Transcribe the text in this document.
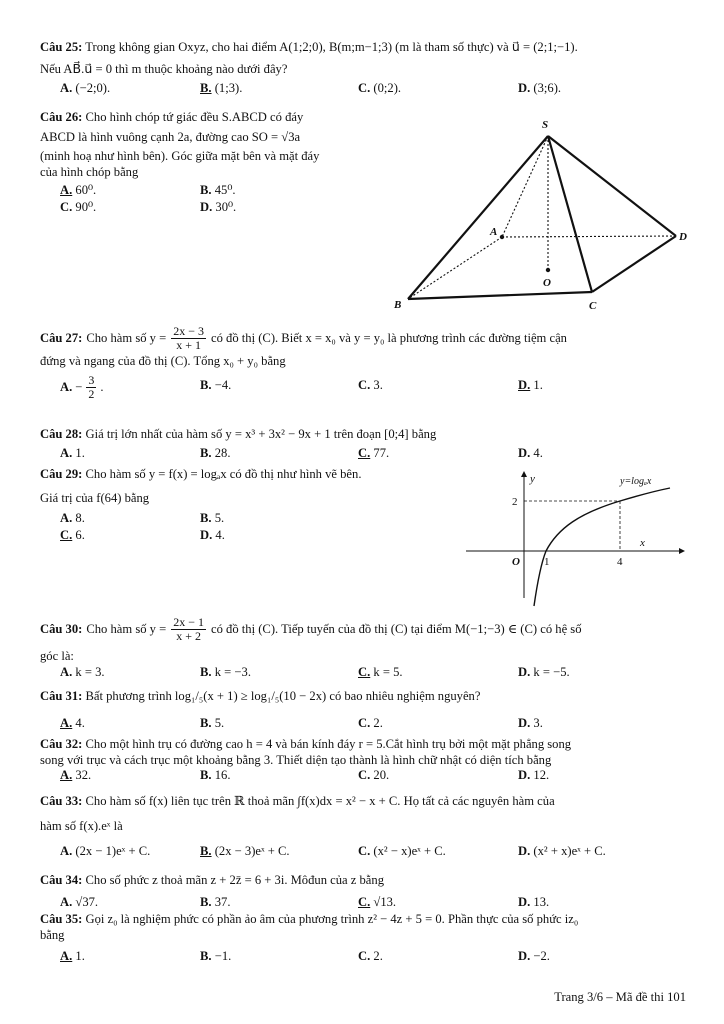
Câu 25: Trong không gian Oxyz, cho hai điểm A(1;2;0), B(m;m−1;3) (m là tham số thực) và u⃗ = (2;1;−1).
Nếu AB⃗.u⃗ = 0 thì m thuộc khoảng nào dưới đây?
A. (−2;0).	B. (1;3).	C. (0;2).	D. (3;6).
Câu 26: Cho hình chóp tứ giác đều S.ABCD có đáy
ABCD là hình vuông cạnh 2a, đường cao SO = √3a
(minh hoạ như hình bên). Góc giữa mặt bên và mặt đáy
của hình chóp bằng
A. 60⁰.	B. 45⁰.
C. 90⁰.	D. 30⁰.
S
A
B	C
D
O
Câu 27: Cho hàm số $y = \frac{2x - 3}{x + 1}$ có đồ thị (C). Biết x = x₀ và y = y₀ là phương trình các đường tiệm cận
đứng và ngang của đồ thị (C). Tổng x₀ + y₀ bằng
A. − $\frac{3}{2}$ .	B. −4.	C. 3.	D. 1.
Câu 28: Giá trị lớn nhất của hàm số y = x³ + 3x² − 9x + 1 trên đoạn [0;4] bằng
A. 1.	B. 28.	C. 77.	D. 4.
Câu 29: Cho hàm số y = f(x) = logₐx có đồ thị như hình vẽ bên.
Giá trị của f(64) bằng
A. 8.	B. 5.
C. 6.	D. 4.
y
x
y=logₐx
2
O 1	4
Câu 30: Cho hàm số $y = \frac{2x - 1}{x + 2}$ có đồ thị (C). Tiếp tuyến của đồ thị (C) tại điểm M(−1;−3) ∈ (C) có hệ số
góc là:
A. k = 3.	B. k = −3.	C. k = 5.	D. k = −5.
Câu 31: Bất phương trình log₁/₅(x + 1) ≥ log₁/₅(10 − 2x) có bao nhiêu nghiệm nguyên?
A. 4.	B. 5.	C. 2.	D. 3.
Câu 32: Cho một hình trụ có đường cao h = 4 và bán kính đáy r = 5.Cắt hình trụ bởi một mặt phẳng song
song với trục và cách trục một khoảng bằng 3. Thiết diện tạo thành là hình chữ nhật có diện tích bằng
A. 32.	B. 16.	C. 20.	D. 12.
Câu 33: Cho hàm số f(x) liên tục trên ℝ thoả mãn ∫f(x)dx = x² − x + C. Họ tất cả các nguyên hàm của
hàm số f(x).eˣ là
A. (2x − 1)eˣ + C.	B. (2x − 3)eˣ + C.	C. (x² − x)eˣ + C.	D. (x² + x)eˣ + C.
Câu 34: Cho số phức z thoả mãn z + 2z̄ = 6 + 3i. Môđun của z bằng
A. √37.	B. 37.	C. √13.	D. 13.
Câu 35: Gọi z₀ là nghiệm phức có phần ảo âm của phương trình z² − 4z + 5 = 0. Phần thực của số phức iz₀
bằng
A. 1.	B. −1.	C. 2.	D. −2.
Trang 3/6 – Mã đề thi 101
